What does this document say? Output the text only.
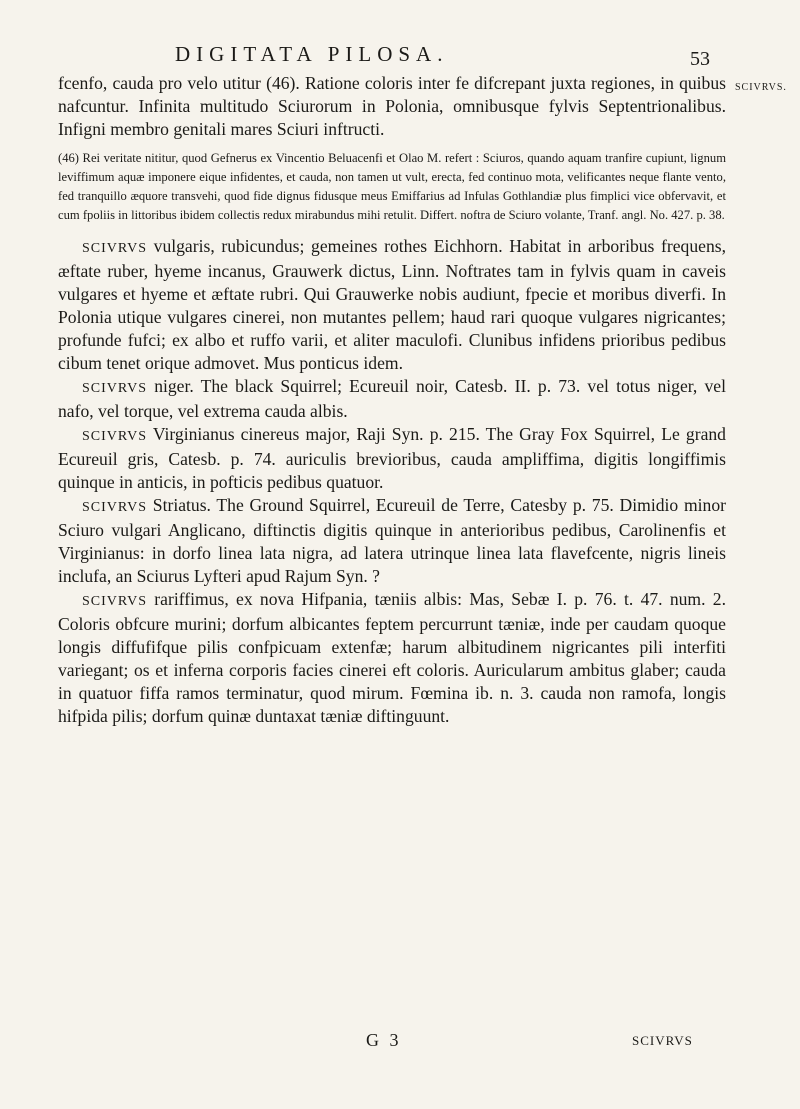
DIGITATA PILOSA.	53
SCIVRVS.

fcenfo, cauda pro velo utitur (46). Ratione coloris inter fe difcrepant juxta regiones, in quibus nafcuntur. Infinita multitudo Sciurorum in Polonia, omnibusque fylvis Septentrionalibus. Infigni membro genitali mares Sciuri inftructi.

(46) Rei veritate nititur, quod Gefnerus ex Vincentio Beluacenfi et Olao M. refert : Sciuros, quando aquam tranfire cupiunt, lignum leviffimum aquæ imponere eique infidentes, et cauda, non tamen ut vult, erecta, fed continuo mota, velificantes neque flante vento, fed tranquillo æquore transvehi, quod fide dignus fidusque meus Emiffarius ad Infulas Gothlandiæ plus fimplici vice obfervavit, et cum fpoliis in littoribus ibidem collectis redux mirabundus mihi retulit. Differt. noftra de Sciuro volante, Tranf. angl. No. 427. p. 38.

SCIVRVS vulgaris, rubicundus; gemeines rothes Eichhorn. Habitat in arboribus frequens, æftate ruber, hyeme incanus, Grauwerk dictus, Linn. Noftrates tam in fylvis quam in caveis vulgares et hyeme et æftate rubri. Qui Grauwerke nobis audiunt, fpecie et moribus diverfi. In Polonia utique vulgares cinerei, non mutantes pellem; haud rari quoque vulgares nigricantes; profunde fufci; ex albo et ruffo varii, et aliter maculofi. Clunibus infidens prioribus pedibus cibum tenet orique admovet. Mus ponticus idem.

SCIVRVS niger. The black Squirrel; Ecureuil noir, Catesb. II. p. 73. vel totus niger, vel nafo, vel torque, vel extrema cauda albis.

SCIVRVS Virginianus cinereus major, Raji Syn. p. 215. The Gray Fox Squirrel, Le grand Ecureuil gris, Catesb. p. 74. auriculis brevioribus, cauda ampliffima, digitis longiffimis quinque in anticis, in pofticis pedibus quatuor.

SCIVRVS Striatus. The Ground Squirrel, Ecureuil de Terre, Catesby p. 75. Dimidio minor Sciuro vulgari Anglicano, diftinctis digitis quinque in anterioribus pedibus, Carolinenfis et Virginianus: in dorfo linea lata nigra, ad latera utrinque linea lata flavefcente, nigris lineis inclufa, an Sciurus Lyfteri apud Rajum Syn. ?

SCIVRVS rariffimus, ex nova Hifpania, tæniis albis: Mas, Sebæ I. p. 76. t. 47. num. 2. Coloris obfcure murini; dorfum albicantes feptem percurrunt tæniæ, inde per caudam quoque longis diffufifque pilis confpicuam extenfæ; harum albitudinem nigricantes pili interfiti variegant; os et inferna corporis facies cinerei eft coloris. Auricularum ambitus glaber; cauda in quatuor fiffa ramos terminatur, quod mirum. Fœmina ib. n. 3. cauda non ramofa, longis hifpida pilis; dorfum quinæ duntaxat tæniæ diftinguunt.

G 3	SCIVRVS
